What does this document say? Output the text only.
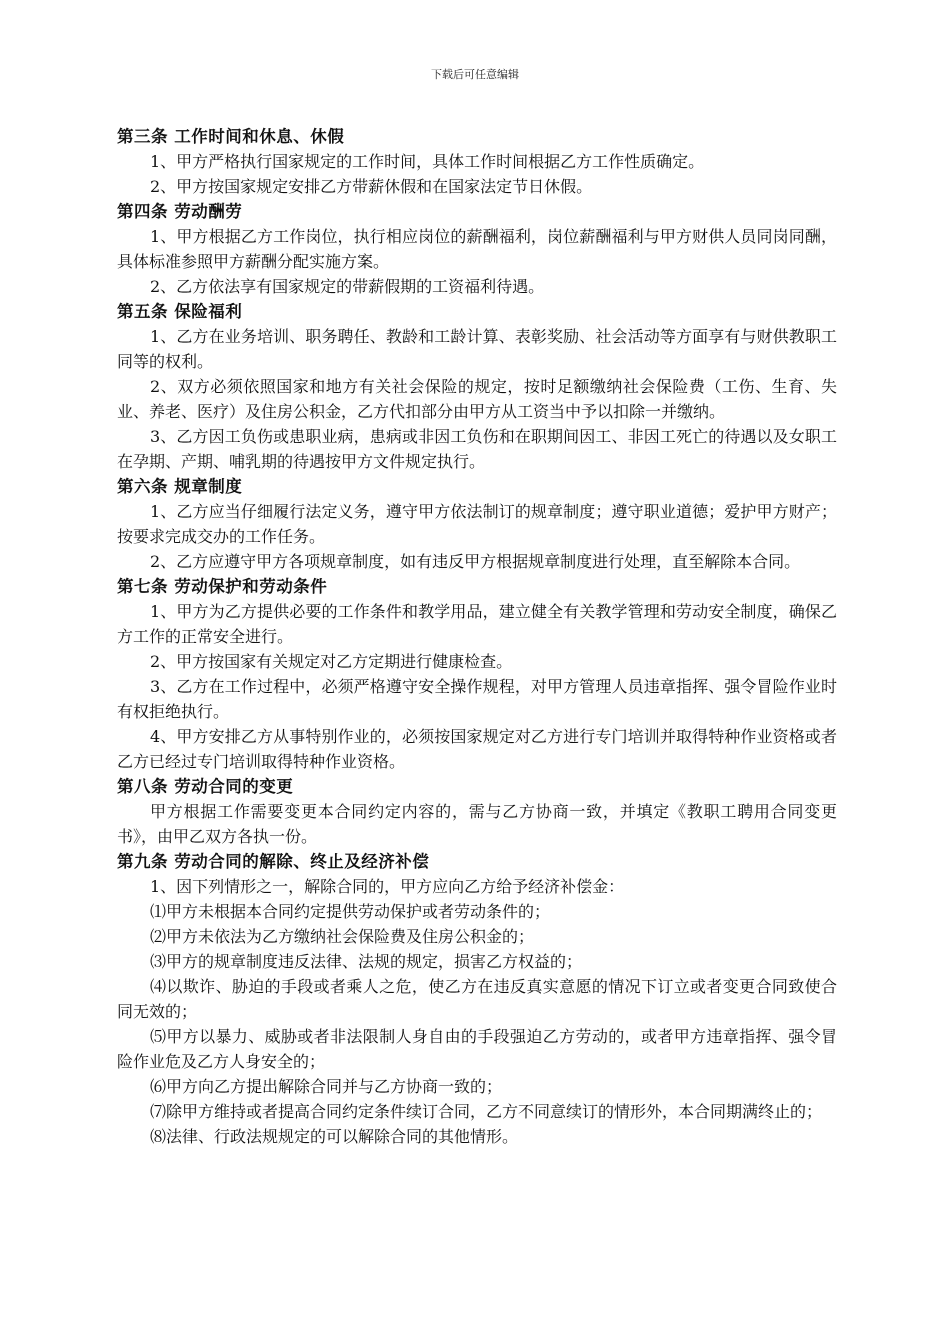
下载后可任意编辑
第三条 工作时间和休息、休假
1、甲方严格执行国家规定的工作时间，具体工作时间根据乙方工作性质确定。
2、甲方按国家规定安排乙方带薪休假和在国家法定节日休假。
第四条 劳动酬劳
1、甲方根据乙方工作岗位，执行相应岗位的薪酬福利，岗位薪酬福利与甲方财供人员同岗同酬，具体标准参照甲方薪酬分配实施方案。
2、乙方依法享有国家规定的带薪假期的工资福利待遇。
第五条 保险福利
1、乙方在业务培训、职务聘任、教龄和工龄计算、表彰奖励、社会活动等方面享有与财供教职工同等的权利。
2、双方必须依照国家和地方有关社会保险的规定，按时足额缴纳社会保险费（工伤、生育、失业、养老、医疗）及住房公积金，乙方代扣部分由甲方从工资当中予以扣除一并缴纳。
3、乙方因工负伤或患职业病，患病或非因工负伤和在职期间因工、非因工死亡的待遇以及女职工在孕期、产期、哺乳期的待遇按甲方文件规定执行。
第六条 规章制度
1、乙方应当仔细履行法定义务，遵守甲方依法制订的规章制度；遵守职业道德；爱护甲方财产；按要求完成交办的工作任务。
2、乙方应遵守甲方各项规章制度，如有违反甲方根据规章制度进行处理，直至解除本合同。
第七条 劳动保护和劳动条件
1、甲方为乙方提供必要的工作条件和教学用品，建立健全有关教学管理和劳动安全制度，确保乙方工作的正常安全进行。
2、甲方按国家有关规定对乙方定期进行健康检查。
3、乙方在工作过程中，必须严格遵守安全操作规程，对甲方管理人员违章指挥、强令冒险作业时有权拒绝执行。
4、甲方安排乙方从事特别作业的，必须按国家规定对乙方进行专门培训并取得特种作业资格或者乙方已经过专门培训取得特种作业资格。
第八条 劳动合同的变更
甲方根据工作需要变更本合同约定内容的，需与乙方协商一致，并填定《教职工聘用合同变更书》，由甲乙双方各执一份。
第九条 劳动合同的解除、终止及经济补偿
1、因下列情形之一，解除合同的，甲方应向乙方给予经济补偿金：
⑴甲方未根据本合同约定提供劳动保护或者劳动条件的；
⑵甲方未依法为乙方缴纳社会保险费及住房公积金的；
⑶甲方的规章制度违反法律、法规的规定，损害乙方权益的；
⑷以欺诈、胁迫的手段或者乘人之危，使乙方在违反真实意愿的情况下订立或者变更合同致使合同无效的；
⑸甲方以暴力、威胁或者非法限制人身自由的手段强迫乙方劳动的，或者甲方违章指挥、强令冒险作业危及乙方人身安全的；
⑹甲方向乙方提出解除合同并与乙方协商一致的；
⑺除甲方维持或者提高合同约定条件续订合同，乙方不同意续订的情形外，本合同期满终止的；
⑻法律、行政法规规定的可以解除合同的其他情形。
